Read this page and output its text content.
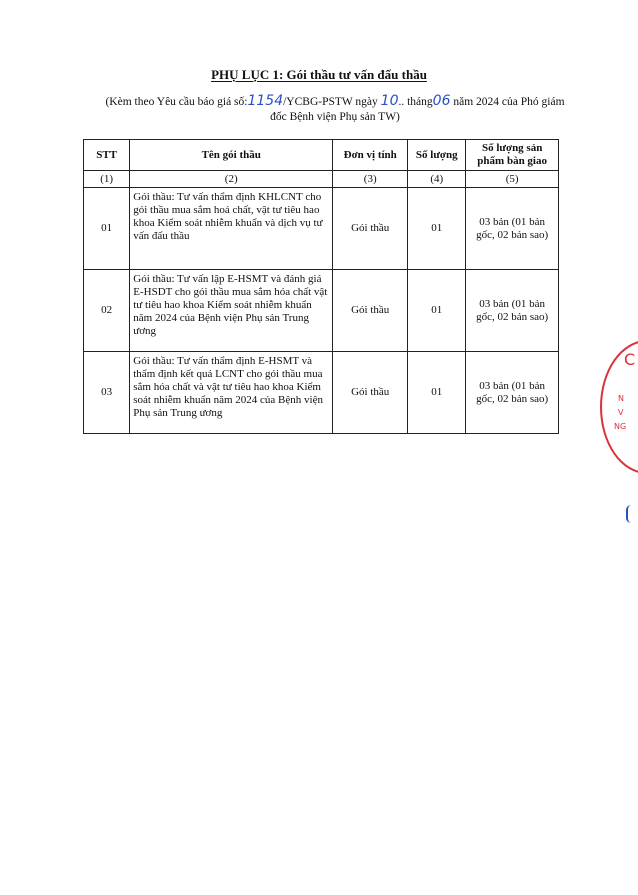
PHỤ LỤC 1: Gói thầu tư vấn đấu thầu
(Kèm theo Yêu cầu báo giá số:1154/YCBG-PSTW ngày 10.. tháng06 năm 2024 của Phó giám đốc Bệnh viện Phụ sản TW)
STT	Tên gói thầu	Đơn vị tính	Số lượng	Số lượng sản phẩm bàn giao
(1)	(2)	(3)	(4)	(5)
01	Gói thầu: Tư vấn thẩm định KHLCNT cho gói thầu mua sắm hoá chất, vật tư tiêu hao khoa Kiểm soát nhiễm khuẩn và dịch vụ tư vấn đấu thầu	Gói thầu	01	03 bản (01 bản gốc, 02 bản sao)
02	Gói thầu: Tư vấn lập E-HSMT và đánh giá E-HSDT cho gói thầu mua sắm hóa chất vật tư tiêu hao khoa Kiểm soát nhiễm khuẩn năm 2024 của Bệnh viện Phụ sản Trung ương	Gói thầu	01	03 bản (01 bản gốc, 02 bản sao)
03	Gói thầu: Tư vấn thẩm định E-HSMT và thẩm định kết quả LCNT cho gói thầu mua sắm hóa chất và vật tư tiêu hao khoa Kiểm soát nhiễm khuẩn năm 2024 của Bệnh viện Phụ sản Trung ương	Gói thầu	01	03 bản (01 bản gốc, 02 bản sao)
C
N
V
NG
